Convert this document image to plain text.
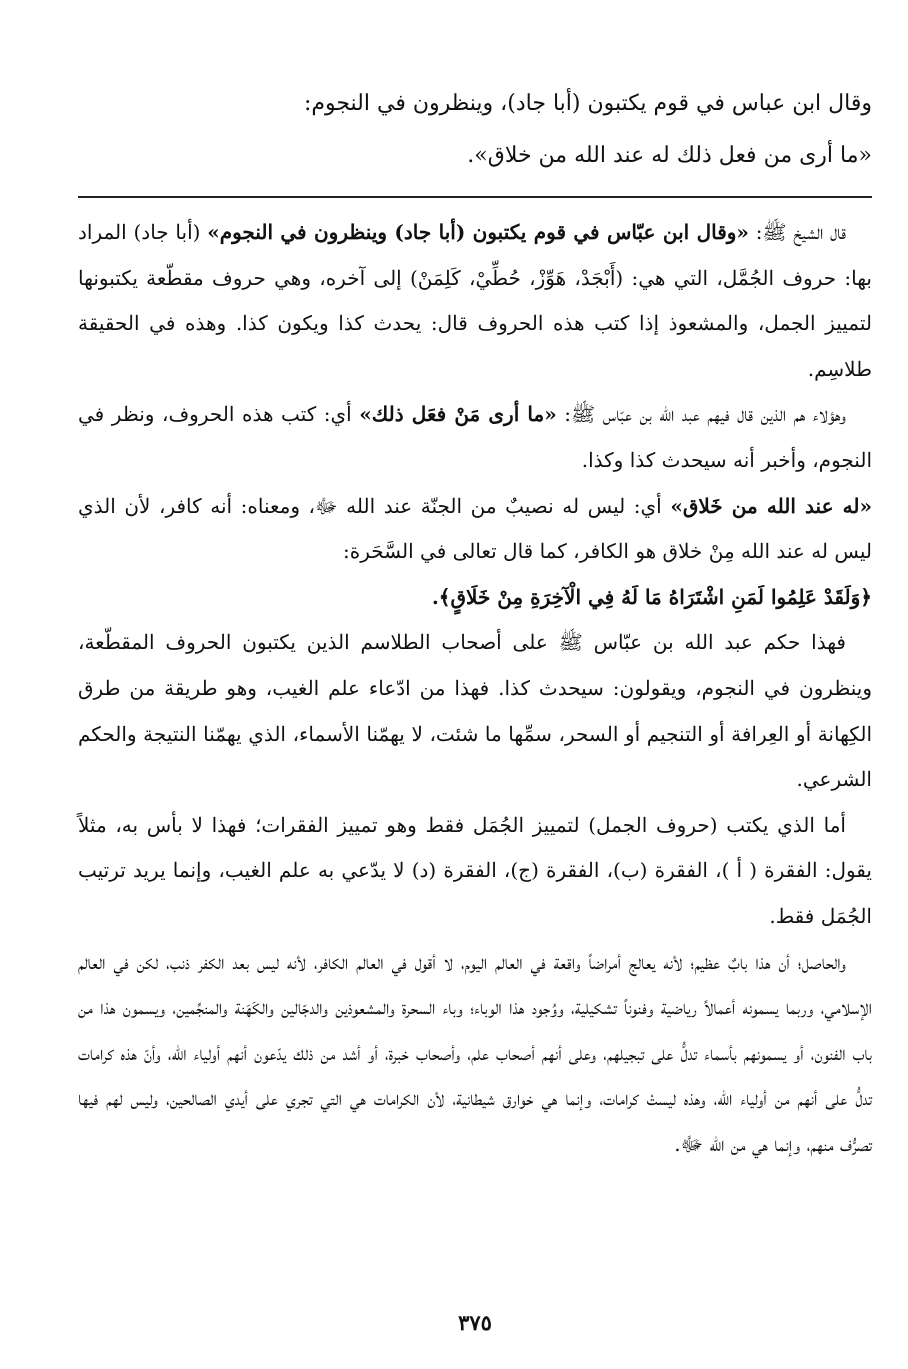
وقال ابن عباس في قوم يكتبون (أبا جاد)، وينظرون في النجوم:

«ما أرى من فعل ذلك له عند الله من خلاق».

قال الشيخ ﷺ: «وقال ابن عبّاس في قوم يكتبون (أبا جاد) وينظرون في النجوم» (أبا جاد) المراد بها: حروف الجُمَّل، التي هي: (أَبْجَدْ، هَوِّزْ، حُطِّيْ، كَلِمَنْ) إلى آخره، وهي حروف مقطّعة يكتبونها لتمييز الجمل، والمشعوذ إذا كتب هذه الحروف قال: يحدث كذا ويكون كذا. وهذه في الحقيقة طلاسِم.

وهؤلاء هم الذين قال فيهم عبد الله بن عبّاس ﷺ: «ما أرى مَنْ فعَل ذلك» أي: كتب هذه الحروف، ونظر في النجوم، وأخبر أنه سيحدث كذا وكذا.

«له عند الله من خَلاق» أي: ليس له نصيبٌ من الجنّة عند الله ﷻ، ومعناه: أنه كافر، لأن الذي ليس له عند الله مِنْ خلاق هو الكافر، كما قال تعالى في السَّحَرة:
﴿وَلَقَدْ عَلِمُوا لَمَنِ اشْتَرَاهُ مَا لَهُ فِي الْآخِرَةِ مِنْ خَلَاقٍ﴾.

فهذا حكم عبد الله بن عبّاس ﷺ على أصحاب الطلاسم الذين يكتبون الحروف المقطّعة، وينظرون في النجوم، ويقولون: سيحدث كذا. فهذا من ادّعاء علم الغيب، وهو طريقة من طرق الكِهانة أو العِرافة أو التنجيم أو السحر، سمِّها ما شئت، لا يهمّنا الأسماء، الذي يهمّنا النتيجة والحكم الشرعي.

أما الذي يكتب (حروف الجمل) لتمييز الجُمَل فقط وهو تمييز الفقرات؛ فهذا لا بأس به، مثلاً يقول: الفقرة ( أ )، الفقرة (ب)، الفقرة (ج)، الفقرة (د) لا يدّعي به علم الغيب، وإنما يريد ترتيب الجُمَل فقط.

والحاصل؛ أن هذا بابٌ عظيم؛ لأنه يعالج أمراضاً واقعة في العالم اليوم، لا أقول في العالم الكافر، لأنه ليس بعد الكفر ذنب، لكن في العالم الإسلامي، وربما يسمونه أعمالاً رياضية وفنوناً تشكيلية، ووُجود هذا الوباء؛ وباء السحرة والمشعوذين والدجّالين والكَهَنة والمنجِّمين، ويسمون هذا من باب الفنون، أو يسمونهم بأسماء تدلُّ على تبجيلهم، وعلى أنهم أصحاب علم، وأصحاب خبرة، أو أشد من ذلك يدّعون أنهم أولياء الله، وأنّ هذه كرامات تدلُّ على أنهم من أولياء الله، وهذه ليستْ كرامات، وإنما هي خوارق شيطانية، لأن الكرامات هي التي تجري على أيدي الصالحين، وليس لهم فيها تصرُّف منهم، وإنما هي من الله ﷻ.

٣٧٥
